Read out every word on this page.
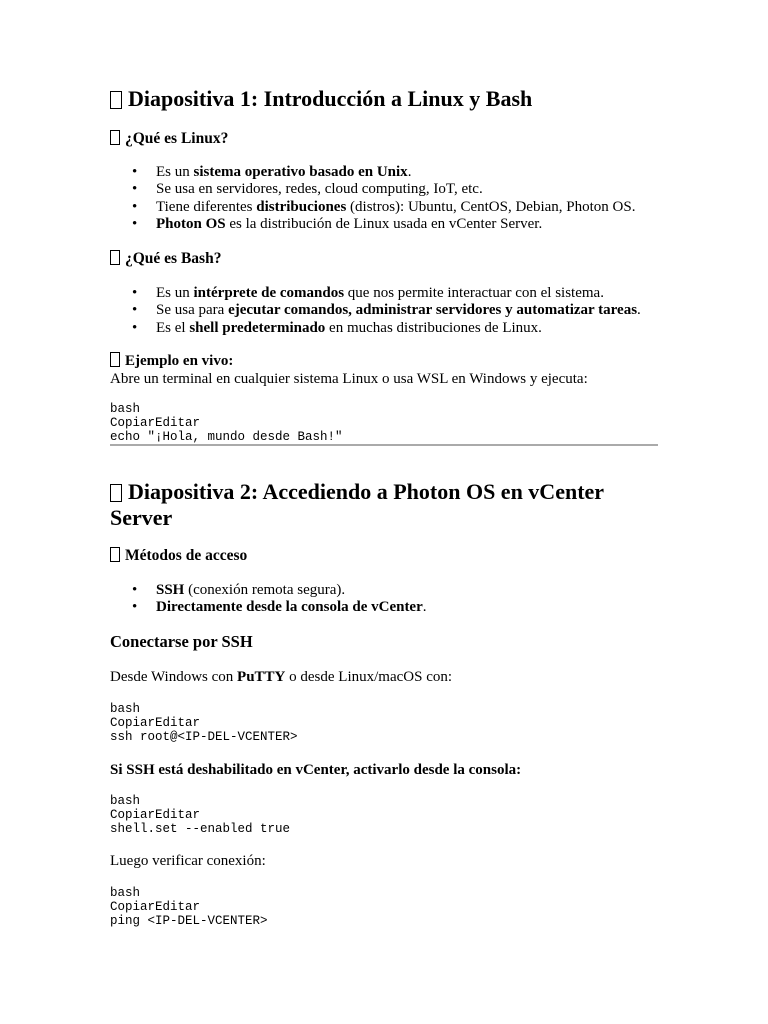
Diapositiva 1: Introducción a Linux y Bash
¿Qué es Linux?
• Es un sistema operativo basado en Unix.
• Se usa en servidores, redes, cloud computing, IoT, etc.
• Tiene diferentes distribuciones (distros): Ubuntu, CentOS, Debian, Photon OS.
• Photon OS es la distribución de Linux usada en vCenter Server.
¿Qué es Bash?
• Es un intérprete de comandos que nos permite interactuar con el sistema.
• Se usa para ejecutar comandos, administrar servidores y automatizar tareas.
• Es el shell predeterminado en muchas distribuciones de Linux.

Ejemplo en vivo:

Abre un terminal en cualquier sistema Linux o usa WSL en Windows y ejecuta:

bash
CopiarEditar
echo "¡Hola, mundo desde Bash!"
Diapositiva 2: Accediendo a Photon OS en vCenter Server
Métodos de acceso
• SSH (conexión remota segura).
• Directamente desde la consola de vCenter.
Conectarse por SSH

Desde Windows con PuTTY o desde Linux/macOS con:

bash
CopiarEditar
ssh root@<IP-DEL-VCENTER>

Si SSH está deshabilitado en vCenter, activarlo desde la consola:

bash
CopiarEditar
shell.set --enabled true

Luego verificar conexión:

bash
CopiarEditar
ping <IP-DEL-VCENTER>
